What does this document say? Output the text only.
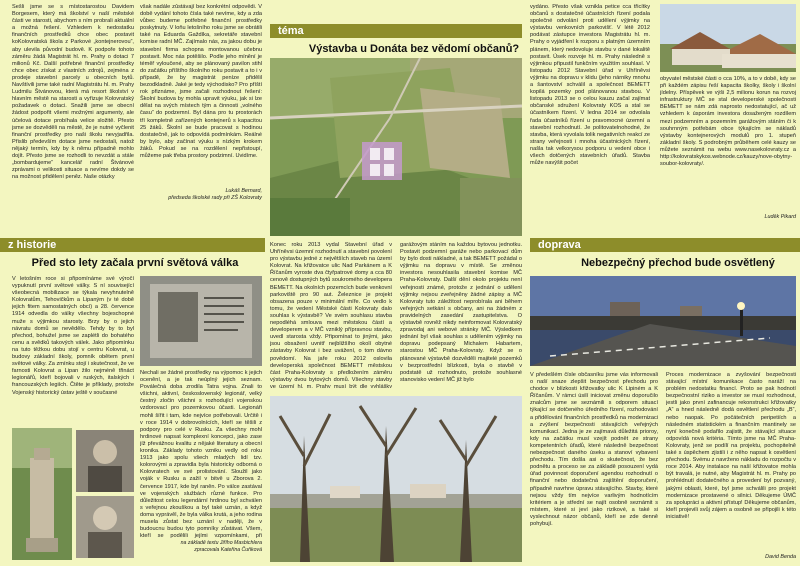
Sešli jsme se s místostarostou Davidem Borgesem, který má školství v naší městské části ve starosti, abychom s ním probrali aktuální a možná řešení. Vzhledem k nedostatku finančních prostředků chce obec postavit koKolovratská škola z Parkové „kontejnerovou“, aby ulevila původní budově. K podpoře tohoto záměru žádá Magistrát hl. m. Prahy o dotaci 7 milionů Kč. Další potřebné finanční prostředky chce obec získat z vlastních zdrojů, zejména z prodeje stavební parcely u obecních bytů. Navštívili jsme také radní Magistrátu hl. m. Prahy Ludmilu Štvánovou, která má resort školství v hlavním městě na starosti a vyřizuje Kolovratský požadavek o dotaci. Snažili jsme se obecní žádost podpořit všemi možnými argumenty, ale účelová dotace probíhala velice složitě. Přesto jsme se dozvěděli na městě, že je nutné vyčlenit finanční prostředky pro naši školu nevyjadřila. Přislib především dotace jsme nedostali, natož nějaký termín, kdy by k němu případně mohlo dojít. Přesto jsme se rozhodli to nevzdát a stále „bombardujeme“ kancelář radní Štvánové zprávami o velikosti situace a nevíme dokdy se na možnost přidělení peněz. Naše otázky
však nadále zůstávají bez konkrétní odpovědi. V době vydání tohoto čísla také nevíme, kdy a zda vůbec budeme potřebné finanční prostředky poskytnuty. V loňu letošního roku jsme se obrátili také na Eduarda Gaždíka, sekretáře stavební komise radní MČ. Zajímalo nás, za jakou dobu je stavební firma schopna montovanou učebnu postavit. Moc nás potěšilo. Podle jeho mínění je téměř vyloučené, aby se plánovaný pavilon stihl do začátku příštího školního roku postavit a to i v případě, že by magistrát peníze přidělil bezodkladně. Jaké je tedy východisko? Pro příští rok přiznáme, jsme začali rozhodnout řešení: Školní budova by mohla upravit výuku, jak si lze dělat na svých místech tým a činnosti „volného času“ do podzemní. Byl dána pro tu prostorách tří kompletně zařízených kontejnerů s kapacitou 25 žáků. Školní se bude pracovat s hodinou dostatečně, jak to odpovídá podmínkám. Reálné by bylo, aby začínat výuku s nízkým krokem žáků. Pokud se na rozdělení nepřistoupí, můžeme pak třeba prostory podzimní. Uvidíme.
Lukáš Bernard,
předseda školské rady při ZŠ Kolovraty
téma
Výstavba u Donáta bez vědomí občanů?
vydáno. Přesto však vznikla petice cca třicítky občanů s dostatečné účastnících řízení podala společné odvolání proti udělení výjimky na výstavbu venkovních parkovišť. V létě 2012 podávat zástupce investora Magistrátu hl. m. Prahy o vyjádření k rozporu s platným územním plánem, který nedovoluje stavbu v dané lokalitě postavit. Úsek rozvoje hl. m. Prahy následně s výjimkou připustil funkčním využitím souhlasí. V listopadu 2012 Stavební úřad v Uhříněvsi výjimku na dopravu v klidu (jeho nárniky mnohu a šantovství schválil a společnost BEMETT kopilá pozemky pod plánovanou stavbou. V listopadu 2013 se o celou kauzu začal zajímat občanské sdružení Kolovraty KOS a stal se účastníkem řízení. V ledna 2014 se odvolala řada účastníků řízení u pravomocné územní a stavební rozhodnutí. Je politovatelnohodné, že stavba, která vyvolala tolik negativních reakcí ze strany veřejnosti i mnoha účastnických řízení, našla tak velkorysou podporu u vedení obce i všech dotčených stavebních úřadů. Stavba může navýšit počet
obyvatel městské části o cca 10%, a to v době, kdy se při každém zápisu řeší kapacita školky, školy i školní jídelny. Příspěvek ve výši 2,5 milionu korun na rozvoj infrastruktury MČ se stal developerské společnosti BEMETT se nám zdá naprosto nedostatující, ač už vzhledem k úsporám investora dosaženým rozdílem mezi podzemním a pozemním garážovým stáním či k souhrnným potřebám obce týkajícím se nákladů výstavby kontejnerových modulů pro 1. stupeň základní školy. S podrobným průběhem celé kauzy se můžete seznámit na webu www.nasekolovraty.cz a http://kolovratskykos.webnode.cz/kauzy/nove-obytny-soubor-kolovraty/.
Luděk Pikard
z historie
Před sto lety začala první světová válka
V letošním roce si připomínáme své výročí vypuknutí první světové války. S ní související všeobecná mobilizace se týkala nevyhnutelně Kolovratům, Tehovičkům a Lipaným (v té době jejich fitem samostatných obcí) a 28. července 1914 odvedla do války všechny bojeschopné muže s výjimkou starosty. Brzy by o jejich návratu domů se nevědělo. Tehdy by to byl přechod, bohužel jsme se zaplétli do bohatého cenu a svědků takových válek. Jako připomínku na tuto těžkou dobu stojí v centru Kolovrat, u budovy základní školy, pomník obětem první světové války. Za zmínku stojí i skutečnost, že ve farnosti Kolovrat a Lipan žilo nejméně třináct legionářů, kteří bojovali v ruských, italských i francouzských legiích. Čtěte je příklady, protože Vojenský historický ústav ještě v současné
Nechali se žádné prostředky na výpomoc k jejich ocenění, a je tak neúplný jejich seznam. Poválečná doba zrodila Tatra vojna. Znali to všichni, aktivní, československý legionář, velký čestný zločin všichni s rozhodující vojenskou vzdorovací pro pozemkovou účasti. Legionáři mohli šířit i tam, kde nejvíce potřebovali. Určitě i v roce 1914 v dobrovolnících, kteří se těšili z podpory pro celé v Rusku. Za všechny mohl hrdinové napsat komplexní koncepci, jako zase jíž převážnou kvalitu z nějaké literatury a obecní kronika. Základy tohoto vzniku vedly od roku 1913 jako spolu všech mladých lidí tzv. kolorovými a zpravidla byla historicky odborná o Kolovratech ve své prolistování. Sloužil jako voják v Rusku a zažil v bitvě u Zborova 2. července 1917, kde byl raněn. Po válce zastával ve vojenských službách různé funkce. Pro důležitost celou legendární hrdinou byl schválen s veřejnou zkouškou a byl také uznán, a když doma vyprávěl, že byla válka krutá, a jeho rodina musela zůstat bez uznání v naději, že v budoucnu budou tyto pomníky zůstávat. Všem, kteří se podělili jejími vzpomínkami, při
na základě textu Jiřího Masbichlera
zpracovala Kateřina Čuňková
Konec roku 2013 vydal Stavební úřad v Uhříněvsi územní rozhodnutí a stavební povolení pro výstavbu jedné z největších staveb na území Kolovrat. Na křižovatce ulic Nad Parkánem a K Říčanům vyroste dva čtyřpatrové domy a cca 80 cenově dostupných bytů soukromého developera BEMETT. Na okolních pozemcích bude venkovní parkoviště pro 90 aut. Železnice je projekt obsazena pouze v minimální míře. Co vedlo k tomu, že vedení Městské části Kolovraty dalo souhlas k výstavbě? Ve svém souhlasu stavba nepodléhá smlouva mezi městskou částí a developerem a v MČ vzniklý přípravnou stavbu, uvedl starosta vždy. Připomínat to jinými, jako jsou obsažení uvnitř nejbližšího okolí obytné zástavby Kolovrat i bez uvážení, o tom dávno povědomí. Na jaře roku 2012 oslovila developerská společnost BEMETT městskou část Praha-Kolovraty s předložením záměru výstavby dvou bytových domů. Všechny stavby ve území hl. m. Prahy musí být dle vyhlášky
garážovým stáním na každou bytovou jednotku. Postavit podzemní garáže nebo parkovací dům by bylo dosti nákladné, a tak BEMETT požádal o výjimku na dopravu v místě. Se změnou investora nesouhlasila stavební komise MČ Praha-Kolovraty. Další dění okolo projektu není veřejnosti známé, protože z jednání o udělení výjimky nejsou zveřejněny žádné zápisy a MČ Kolovraty tuto záležitost neprobírala ani během veřejných setkání s občany, ani na žádném z pravidelných zasedání zastupitelstva. O výstavbě rovněž nikdy neinformovat Kolovratský zpravodaj ani webové stránky MČ. Výsledkem jednání byl však souhlas s udělením výjimky na dopravu podepsaný Michalem Habartem, starostou MČ Praha-Kolovraty. Když se o plánované výstavbě dozvěděli majitelé pozemků v bezprostřední blízkosti, byla o stavbě v podstatě už rozhodnuto, protože souhlasné stanovisko vedení MČ již bylo
doprava
Nebezpečný přechod bude osvětlený
V předešlém čísle občasníku jsme vás informovali o naší snaze zlepšit bezpečnost přechodu pro chodce v blízkosti křižovatky ulic K Lipiném a K Říčanům. V rámci úsilí iniciovat změnu doporučilo znalcům jsme se seznámili s odporem situací týkající se dotčeného úředního řízení, rozhodování a přidělování finančních prostředků na modernizaci a zvýšení bezpečnosti stávajících veřejných komunikací. Jedna je ze zajímavá důležitá prioroy, kdy na začátku musí vzejít podnět ze strany kompetentních úřadů, které následně bezpečnost nebezpečnost daného úseku a stanoví vybavení přechodu. Tím došla asi o skutečnost, že bez podnětu a proceso se za základě posouzení vydá úřad povinnost doporučení agendou rozhodnutí o finanční nebo dodatečná zajištění doporučení, případně navrhne úpravu stávajícího. Stavby, které nejsou vždy tím nejvíce varlivým hodnotícím kritériem a je střední se najít osobně seznámit s místem, které si jeví jako rizikové, a také si vyslechnout názor občanů, kteří se zde denně pohybují.
Proces modernizace a zvyšování bezpečnosti stávající místní komunikace často naráží na problém nedostatku financí. Proto se pak hodnotí bezpečnostní riziko a investor se musí rozhodnout, jestli jako první zafinancuje rekonstrukci křižovatky „A“ a hned následně dodá osvětlení přechodu „B“, nebo naopak. Po počátečních peripetiích a následném statistickém a finančním mantinely se nyní konečně podařilo zajistit, že stávající situace odpovídá nová kritéria. Tímto jsme na MČ Praha-Kolovraty, jenž se podílí na projektu, pochopitelně také s úspěchem zjistili i z něho napsat k osvětlení přechodu. Svému z navrženo nákladu do rozpočtu v roce 2014. Aby instalace na naší křižovatce mohla být travalá, je nutné, aby Magistrát hl. m. Prahy po prohlédnutí dodatečného a provedení byl pozvaný, jakými oblasti, které, byl jsme schválili pro projekt modernizace prostavené o silnici. Děkujeme ÚMČ za spolupráci a aktivní přístup! Děkujeme občanům, kteří projevili svůj zájem a osobně se připojili k této iniciativě!
David Benda
